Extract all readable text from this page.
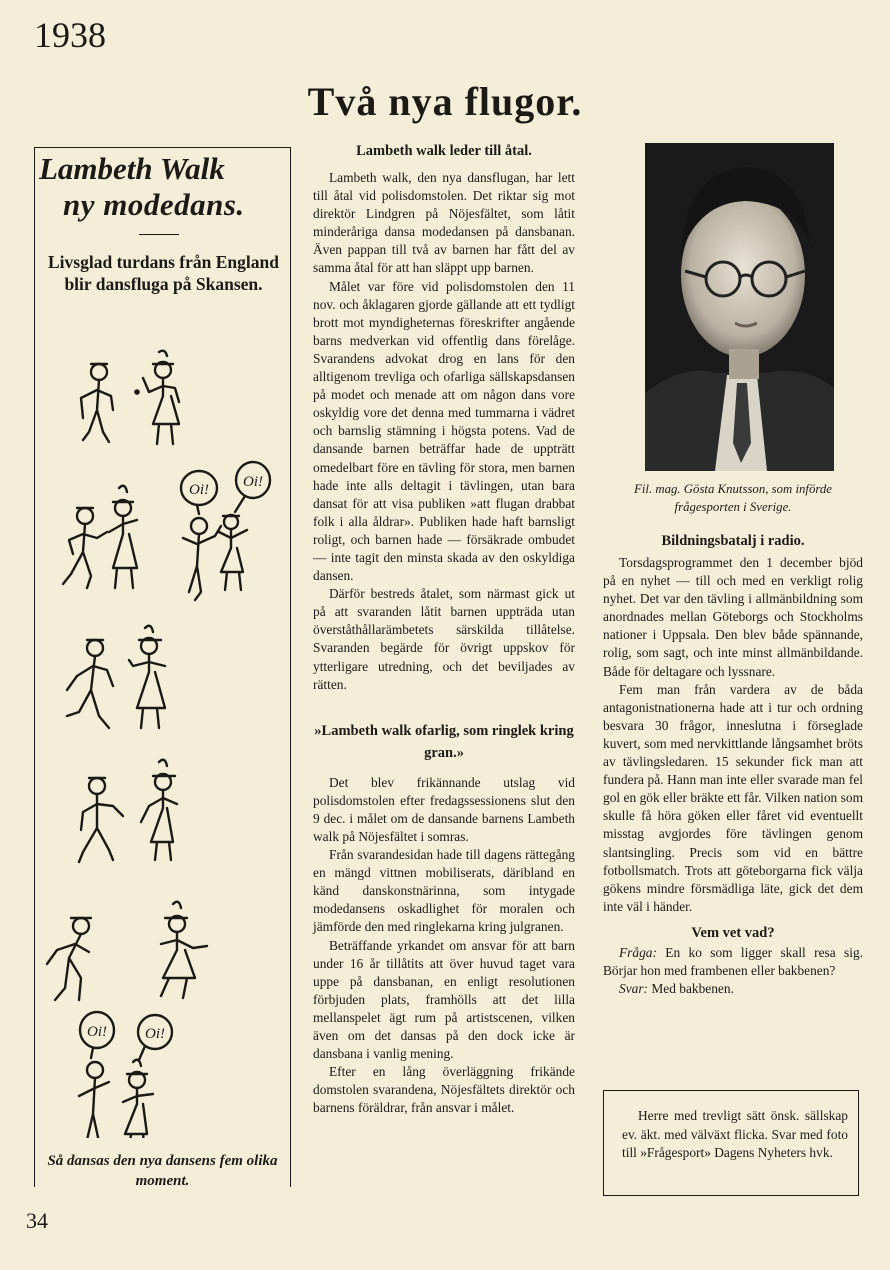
1938
Två nya flugor.
Lambeth Walk
ny modedans.
Livsglad turdans från England blir dansfluga på Skansen.
Oi! Oi!
Oi!	Oi!
Så dansas den nya dansens fem olika moment.
Lambeth walk leder till åtal.

Lambeth walk, den nya dansflugan, har lett till åtal vid polisdomstolen. Det riktar sig mot direktör Lindgren på Nöjesfältet, som låtit minderåriga dansa modedansen på dansbanan. Även pappan till två av barnen har fått del av samma åtal för att han släppt upp barnen.

Målet var före vid polisdomstolen den 11 nov. och åklagaren gjorde gällande att ett tydligt brott mot myndigheternas föreskrifter angående barns medverkan vid offentlig dans förelåge. Svarandens advokat drog en lans för den alltigenom trevliga och ofarliga sällskapsdansen på modet och menade att om någon dans vore oskyldig vore det denna med tummarna i vädret och barnslig stämning i högsta potens. Vad de dansande barnen beträffar hade de uppträtt omedelbart före en tävling för stora, men barnen hade inte alls deltagit i tävlingen, utan bara dansat för att visa publiken »att flugan drabbat folk i alla åldrar». Publiken hade haft barnsligt roligt, och barnen hade — försäkrade ombudet — inte tagit den minsta skada av den oskyldiga dansen.

Därför bestreds åtalet, som närmast gick ut på att svaranden låtit barnen uppträda utan överståthållarämbetets särskilda tillåtelse. Svaranden begärde för övrigt uppskov för ytterligare utredning, och det beviljades av rätten.

»Lambeth walk ofarlig, som ringlek kring gran.»

Det blev frikännande utslag vid polisdomstolen efter fredagssessionens slut den 9 dec. i målet om de dansande barnens Lambeth walk på Nöjesfältet i somras.

Från svarandesidan hade till dagens rättegång en mängd vittnen mobiliserats, däribland en känd danskonstnärinna, som intygade modedansens oskadlighet för moralen och jämförde den med ringlekarna kring julgranen.

Beträffande yrkandet om ansvar för att barn under 16 år tillåtits att över huvud taget vara uppe på dansbanan, en enligt resolutionen förbjuden plats, framhölls att det lilla mellanspelet ägt rum på artistscenen, vilken även om det dansas på den dock icke är dansbana i vanlig mening.

Efter en lång överläggning frikände domstolen svarandena, Nöjesfältets direktör och barnens föräldrar, från ansvar i målet.

Fil. mag. Gösta Knutsson, som införde frågesporten i Sverige.
Bildningsbatalj i radio.

Torsdagsprogrammet den 1 december bjöd på en nyhet — till och med en verkligt rolig nyhet. Det var den tävling i allmänbildning som anordnades mellan Göteborgs och Stockholms nationer i Uppsala. Den blev både spännande, rolig, som sagt, och inte minst allmänbildande. Både för deltagare och lyssnare.

Fem man från vardera av de båda antagonistnationerna hade att i tur och ordning besvara 30 frågor, inneslutna i förseglade kuvert, som med nervkittlande långsamhet bröts av tävlingsledaren. 15 sekunder fick man att fundera på. Hann man inte eller svarade man fel gol en gök eller bräkte ett får. Vilken nation som skulle få höra göken eller fåret vid eventuellt misstag avgjordes före tävlingen genom slantsingling. Precis som vid en bättre fotbollsmatch. Trots att göteborgarna fick välja gökens mindre försmädliga läte, gick det dem inte väl i händer.

Vem vet vad?

Fråga: En ko som ligger skall resa sig. Börjar hon med frambenen eller bakbenen?

Svar: Med bakbenen.

Herre med trevligt sätt önsk. sällskap ev. äkt. med välväxt flicka. Svar med foto till »Frågesport» Dagens Nyheters hvk.

34
